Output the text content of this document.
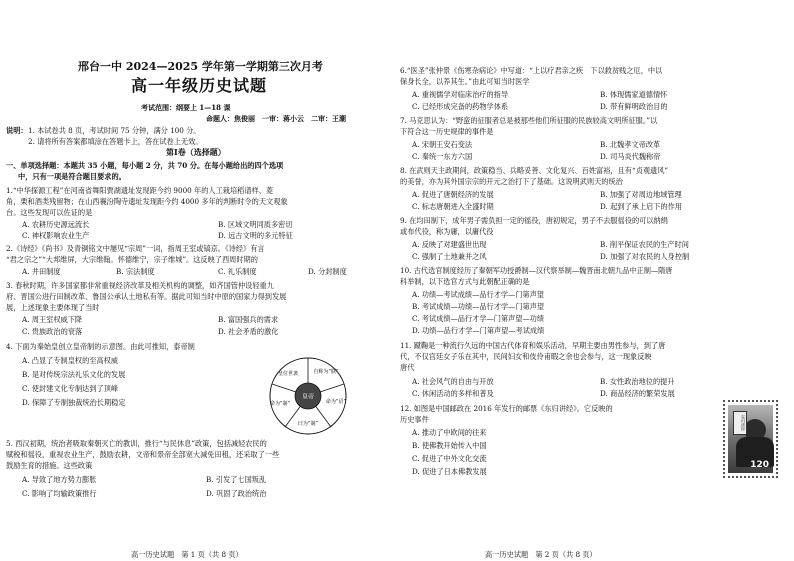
邢台一中 2024—2025 学年第一学期第三次月考
高一年级历史试题
考试范围：纲要上 1—18 课
命题人：焦俊丽　一审：蒋小云　二审：王潮
说明： 1. 本试卷共 8 页，考试时间 75 分钟，满分 100 分。
2. 请将所有答案都填涂在答题卡上，答在试卷上无效。
第Ⅰ卷（选择题）
一、单项选择题：本题共 35 小题，每小题 2 分，共 70 分。在每小题给出的四个选项
中，只有一项是符合题目要求的。
1.“中华探源工程”在河南省舞阳贾湖遗址发现距今约 9000 年的人工栽培稻谱样、菱
角，栗和酒类残留物；在山西襄汾陶寺遗址发现距今约 4000 多年的判断时令的天文观象
台。这些发现可以佐证的是
A. 农耕历史源远流长	B. 区域文明同质多密切
C. 神权影响农业生产	D. 远古文明的多元特征
2.《诗经》《尚书》及青铜铭文中屡见“宗周”一词，指周王室或镐京。《诗经》有言
“君之宗之”“大邦维屏，大宗维翰。怀德维宁，宗子维城”。这反映了西周时期的
A. 井田制度	B. 宗法制度	C. 礼乐制度	D. 分封制度
3. 春秋时期，许多国家都非常重视经济改革及相关机构的调整，如齐国管仲设轻重九
府、晋国公进行田制改革、鲁国公承认土地私有等。据此可知当时中原的国家力得到发展
展，上述现象主要体现了当时
A. 周王室权威下降	B. 富国强兵的需求
C. 贵族政治的衰落	D. 社会矛盾的激化
4. 下面为秦始皇创立皇帝制的示意图。由此可推知，泰帝制
A. 凸显了专制皇权的至高权威
B. 是对传统宗法礼乐文化的发展
C. 使封建文化专制达到了顶峰
D. 保障了专制独裁统治长期稳定
皇帝
皇位世袭	自称为“朕”
命为“诏”
曰为“制”
命为“制”
5. 西汉初期，统治者吸取秦朝灭亡的教训，推行“与民休息”政策，包括减轻农民的
赋税和徭役，重视农业生产，鼓励农耕，文帝和景帝全部宽大减免田租，还采取了一些
鼓励生育的措施。这些政策
A. 导致了地方势力膨胀	B. 引发了七国叛乱
C. 影响了均输政策推行	D. 巩固了政治统治
高一历史试题　第 1 页（共 8 页）
6.“医圣”张仲景《伤寒杂病论》中写道：“上以疗君亲之疾　下以救贫贱之厄，中以
保身长全，以养其生。”由此可知当时医学
A. 重视儒学对临床治疗的指导	B. 体现儒家道德情怀
C. 已经形成完备的药物学体系	D. 带有鲜明政治目的
7. 马克思认为：“野蛮的征服者总是被那些他们所征服的民族较高文明所征服。”以
下符合这一历史规律的事件是
A. 宋朝王安石变法	B. 北魏孝文帝改革
C. 秦统一东方六国	D. 司马炎代魏称帝
8. 在武则天主政期间，政策稳当、兵略妥善、文化复兴、百姓富裕，且有“贞观遗风”
的美誉，亦为其外国宗宗的开元之治打下了基础。这说明武则天的统治
A. 促进了唐朝经济的发展	B. 加强了对周边地域管理
C. 标志唐朝进入全盛时期	D. 起到了承上启下的作用
9. 在均田制下，成年男子需负担一定的徭役，唐初规定，男子不去服徭役的可以纳绢
或布代役，称为庸，以庸代役
A. 反映了对建盛世出现	B. 削平保证农民的生产时间
C. 强制了土地兼并之风	D. 加强了对农民的人身控制
10. 古代选官制度经历了秦朝军功授爵制—汉代察举制—魏晋南北朝九品中正制—隋唐
科举制，以下选官方式与此朝配正确的是
A. 功绩—考试成绩—品行才学—门第声望
B. 考试成绩—功绩—品行才学—门第声望
C. 考试成绩—品行才学—门第声望—功绩
D. 功绩—品行才学—门第声望—考试成绩
11. 蹴鞠是一种流行久远的中国古代体育和娱乐活动，早期主要由男性参与，到了唐
代，不仅宫廷女子乐在其中，民间妇女和伎伶甫暇之余也会参与，这一现象反映
唐代
A. 社会风气的自由与开放	B. 女性政治地位的提升
C. 休闲活动的多样和普及	D. 商品经济的繁荣发展
12. 如图是中国邮政在 2016 年发行的邮票《东归讲经》。它反映的
历史事件
A. 推动了中欧间的往来
B. 使佛教开始传入中国
C. 促进了中外文化交流
D. 促进了日本佛教发展
东归讲经
120
高一历史试题　第 2 页（共 8 页）
